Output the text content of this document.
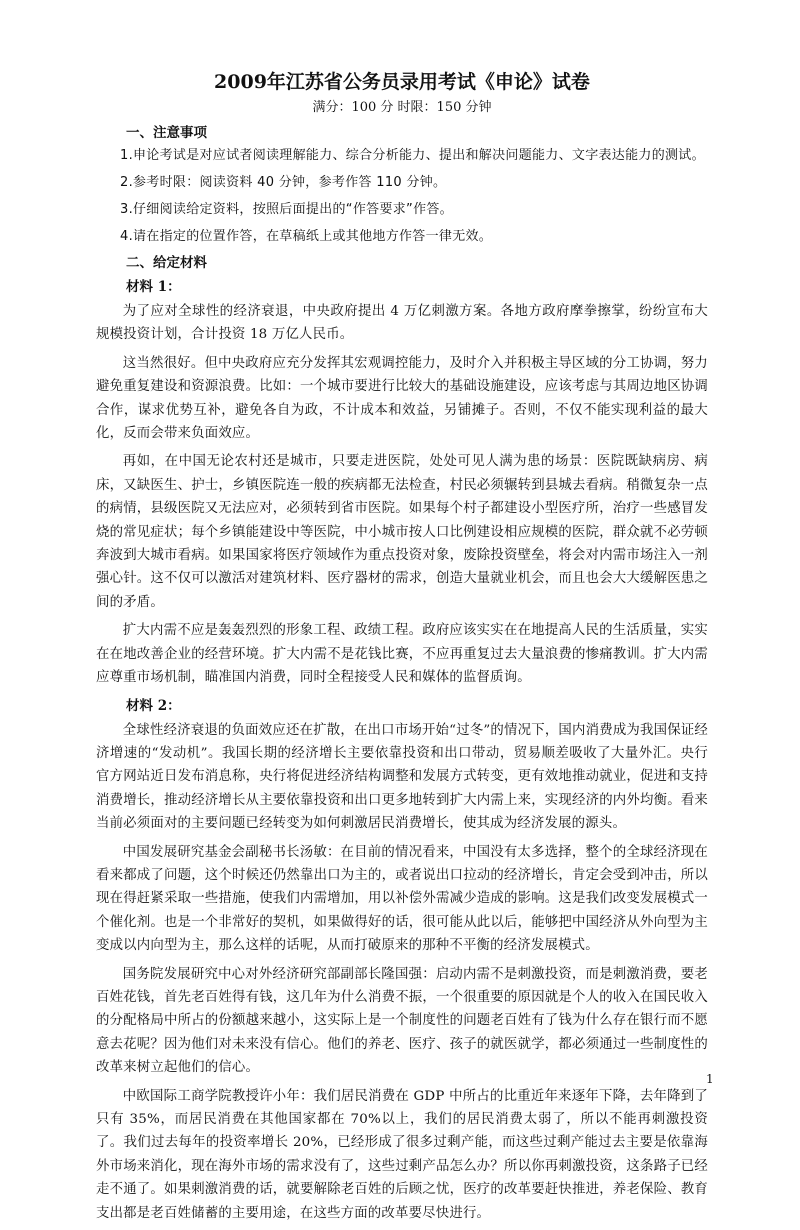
2009年江苏省公务员录用考试《申论》试卷
满分：100 分 时限：150 分钟
一、注意事项

1.申论考试是对应试者阅读理解能力、综合分析能力、提出和解决问题能力、文字表达能力的测试。

2.参考时限：阅读资料 40 分钟，参考作答 110 分钟。

3.仔细阅读给定资料，按照后面提出的“作答要求”作答。

4.请在指定的位置作答，在草稿纸上或其他地方作答一律无效。

二、给定材料
材料 1：

为了应对全球性的经济衰退，中央政府提出 4 万亿刺激方案。各地方政府摩拳擦掌，纷纷宣布大规模投资计划，合计投资 18 万亿人民币。

这当然很好。但中央政府应充分发挥其宏观调控能力，及时介入并积极主导区域的分工协调，努力避免重复建设和资源浪费。比如：一个城市要进行比较大的基础设施建设，应该考虑与其周边地区协调合作，谋求优势互补，避免各自为政，不计成本和效益，另铺摊子。否则，不仅不能实现利益的最大化，反而会带来负面效应。

再如，在中国无论农村还是城市，只要走进医院，处处可见人满为患的场景：医院既缺病房、病床，又缺医生、护士，乡镇医院连一般的疾病都无法检查，村民必须辗转到县城去看病。稍微复杂一点的病情，县级医院又无法应对，必须转到省市医院。如果每个村子都建设小型医疗所，治疗一些感冒发烧的常见症状；每个乡镇能建设中等医院，中小城市按人口比例建设相应规模的医院，群众就不必劳顿奔波到大城市看病。如果国家将医疗领域作为重点投资对象，废除投资壁垒，将会对内需市场注入一剂强心针。这不仅可以激活对建筑材料、医疗器材的需求，创造大量就业机会，而且也会大大缓解医患之间的矛盾。

扩大内需不应是轰轰烈烈的形象工程、政绩工程。政府应该实实在在地提高人民的生活质量，实实在在地改善企业的经营环境。扩大内需不是花钱比赛，不应再重复过去大量浪费的惨痛教训。扩大内需应尊重市场机制，瞄准国内消费，同时全程接受人民和媒体的监督质询。

材料 2：

全球性经济衰退的负面效应还在扩散，在出口市场开始“过冬”的情况下，国内消费成为我国保证经济增速的“发动机”。我国长期的经济增长主要依靠投资和出口带动，贸易顺差吸收了大量外汇。央行官方网站近日发布消息称，央行将促进经济结构调整和发展方式转变，更有效地推动就业，促进和支持消费增长，推动经济增长从主要依靠投资和出口更多地转到扩大内需上来，实现经济的内外均衡。看来当前必须面对的主要问题已经转变为如何刺激居民消费增长，使其成为经济发展的源头。

中国发展研究基金会副秘书长汤敏：在目前的情况看来，中国没有太多选择，整个的全球经济现在看来都成了问题，这个时候还仍然靠出口为主的，或者说出口拉动的经济增长，肯定会受到冲击，所以现在得赶紧采取一些措施，使我们内需增加，用以补偿外需减少造成的影响。这是我们改变发展模式一个催化剂。也是一个非常好的契机，如果做得好的话，很可能从此以后，能够把中国经济从外向型为主变成以内向型为主，那么这样的话呢，从而打破原来的那种不平衡的经济发展模式。

国务院发展研究中心对外经济研究部副部长隆国强：启动内需不是刺激投资，而是刺激消费，要老百姓花钱，首先老百姓得有钱，这几年为什么消费不振，一个很重要的原因就是个人的收入在国民收入的分配格局中所占的份额越来越小，这实际上是一个制度性的问题老百姓有了钱为什么存在银行而不愿意去花呢？因为他们对未来没有信心。他们的养老、医疗、孩子的就医就学，都必须通过一些制度性的改革来树立起他们的信心。

中欧国际工商学院教授许小年：我们居民消费在 GDP 中所占的比重近年来逐年下降，去年降到了只有 35%，而居民消费在其他国家都在 70%以上，我们的居民消费太弱了，所以不能再刺激投资了。我们过去每年的投资率增长 20%，已经形成了很多过剩产能，而这些过剩产能过去主要是依靠海外市场来消化，现在海外市场的需求没有了，这些过剩产品怎么办？所以你再刺激投资，这条路子已经走不通了。如果刺激消费的话，就要解除老百姓的后顾之忧，医疗的改革要赶快推进，养老保险、教育支出都是老百姓储蓄的主要用途，在这些方面的改革要尽快进行。

1
